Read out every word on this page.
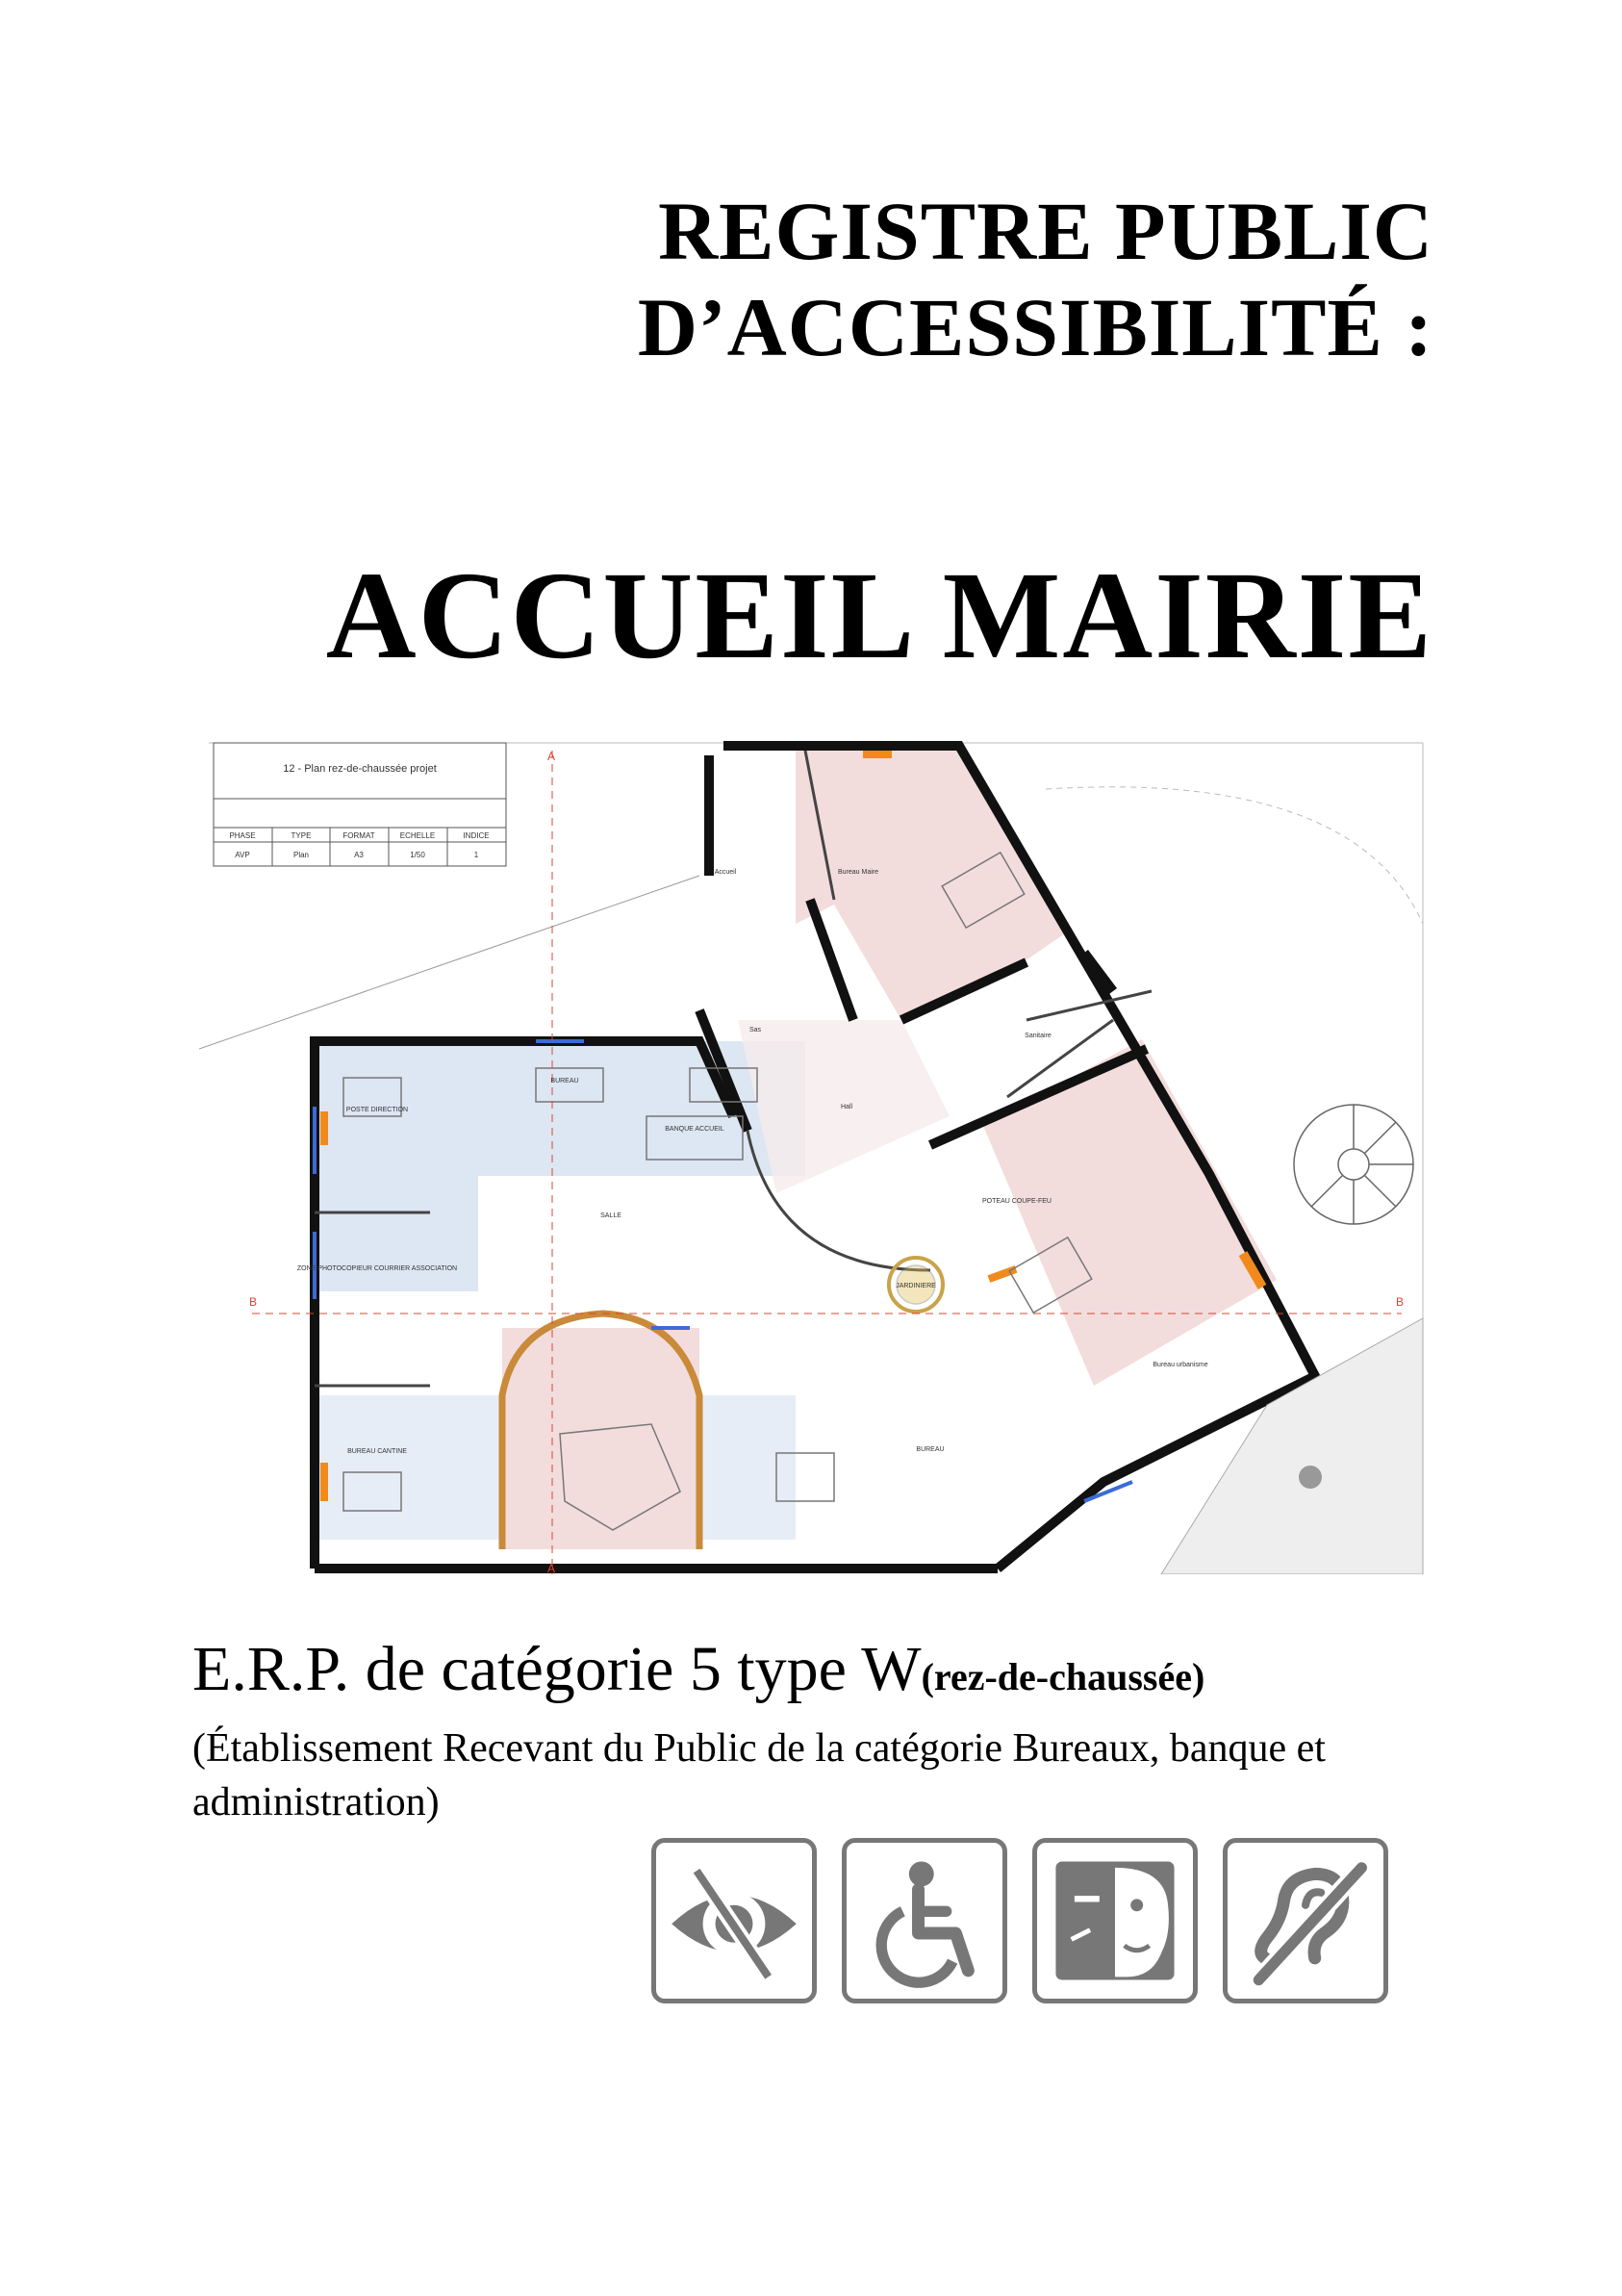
REGISTRE PUBLIC
D’ACCESSIBILITÉ :
ACCUEIL MAIRIE
12 - Plan rez-de-chaussée projet
PHASE	TYPE	FORMAT	ECHELLE	INDICE
AVP	Plan	A3	1/50	1
A
A
B	B
POSTE DIRECTION
ZONE PHOTOCOPIEUR COURRIER ASSOCIATION
BUREAU CANTINE
BUREAU
SALLE
BANQUE ACCUEIL
BUREAU
JARDINIERE
Hall
Sas
Sanitaire
Bureau Maire
Accueil
Bureau urbanisme
POTEAU COUPE-FEU
E.R.P. de catégorie 5 type W(rez-de-chaussée)
(Établissement Recevant du Public de la catégorie Bureaux, banque et administration)
